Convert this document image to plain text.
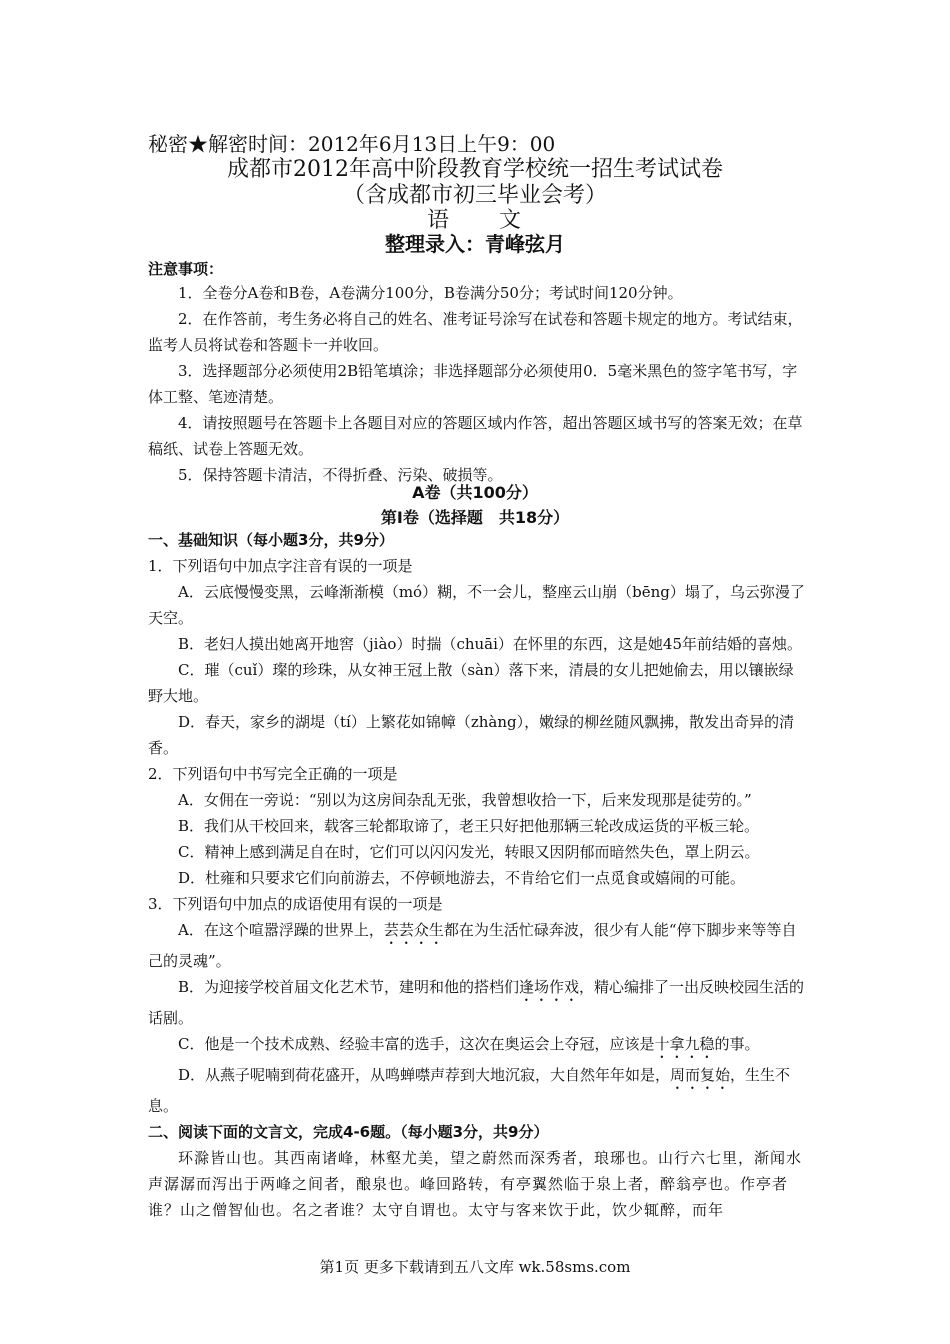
秘密★解密时间：2012年6月13日上午9：00
成都市2012年高中阶段教育学校统一招生考试试卷
（含成都市初三毕业会考）
语　　文
整理录入：青峰弦月
注意事项：

1．全卷分A卷和B卷，A卷满分100分，B卷满分50分；考试时间120分钟。

2．在作答前，考生务必将自己的姓名、准考证号涂写在试卷和答题卡规定的地方。考试结束，监考人员将试卷和答题卡一并收回。

3．选择题部分必须使用2B铅笔填涂；非选择题部分必须使用0．5毫米黑色的签字笔书写，字体工整、笔迹清楚。

4．请按照题号在答题卡上各题目对应的答题区域内作答，超出答题区域书写的答案无效；在草稿纸、试卷上答题无效。

5．保持答题卡清洁，不得折叠、污染、破损等。

A卷（共100分）
第Ⅰ卷（选择题　共18分）

一、基础知识（每小题3分，共9分）

1．下列语句中加点字注音有误的一项是

A．云底慢慢变黑，云峰渐渐模（mó）糊，不一会儿，整座云山崩（bēng）塌了，乌云弥漫了天空。

B．老妇人摸出她离开地窖（jiào）时揣（chuāi）在怀里的东西，这是她45年前结婚的喜烛。

C．璀（cuǐ）璨的珍珠，从女神王冠上散（sàn）落下来，清晨的女儿把她偷去，用以镶嵌绿野大地。

D．春天，家乡的湖堤（tí）上繁花如锦幛（zhàng），嫩绿的柳丝随风飘拂，散发出奇异的清香。

2．下列语句中书写完全正确的一项是

A．女佣在一旁说：“别以为这房间杂乱无张，我曾想收拾一下，后来发现那是徒劳的。”

B．我们从干校回来，载客三轮都取谛了，老王只好把他那辆三轮改成运货的平板三轮。

C．精神上感到满足自在时，它们可以闪闪发光，转眼又因阴郁而暗然失色，罩上阴云。

D．杜雍和只要求它们向前游去，不停顿地游去，不肯给它们一点觅食或嬉闹的可能。

3．下列语句中加点的成语使用有误的一项是

A．在这个喧嚣浮躁的世界上，芸芸众生都在为生活忙碌奔波，很少有人能“停下脚步来等等自己的灵魂”。

B．为迎接学校首届文化艺术节，建明和他的搭档们逢场作戏，精心编排了一出反映校园生活的话剧。

C．他是一个技术成熟、经验丰富的选手，这次在奥运会上夺冠，应该是十拿九稳的事。

D．从燕子呢喃到荷花盛开，从鸣蝉噤声荐到大地沉寂，大自然年年如是，周而复始，生生不息。

二、阅读下面的文言文，完成4-6题。（每小题3分，共9分）

环滁皆山也。其西南诸峰，林壑尤美，望之蔚然而深秀者，琅琊也。山行六七里，渐闻水声潺潺而泻出于两峰之间者，酿泉也。峰回路转，有亭翼然临于泉上者，醉翁亭也。作亭者谁？山之僧智仙也。名之者谁？太守自谓也。太守与客来饮于此，饮少辄醉，而年

第1页 更多下载请到五八文库 wk.58sms.com
